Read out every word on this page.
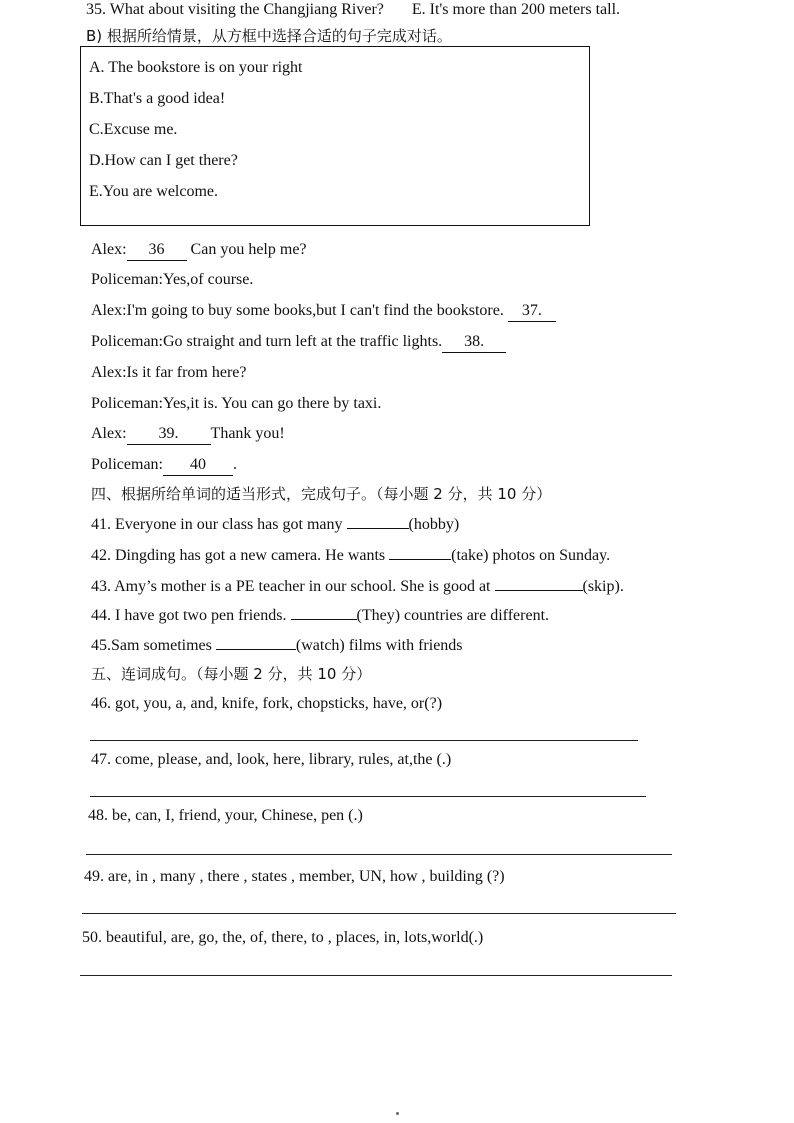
35. What about visiting the Changjiang River? E. It's more than 200 meters tall.
B) 根据所给情景，从方框中选择合适的句子完成对话。
A. The bookstore is on your right
B.That's a good idea!
C.Excuse me.
D.How can I get there?
E.You are welcome.
Alex: 36 Can you help me?
Policeman:Yes,of course.
Alex:I'm going to buy some books,but I can't find the bookstore. 37.
Policeman:Go straight and turn left at the traffic lights. 38.
Alex:Is it far from here?
Policeman:Yes,it is. You can go there by taxi.
Alex: 39. Thank you!
Policeman: 40 .
四、根据所给单词的适当形式，完成句子。（每小题 2 分，共 10 分）
41. Everyone in our class has got many	(hobby)
42. Dingding has got a new camera. He wants	(take) photos on Sunday.
43. Amy’s mother is a PE teacher in our school. She is good at	(skip).
44. I have got two pen friends.	(They) countries are different.
45.Sam sometimes	(watch) films with friends
五、连词成句。（每小题 2 分，共 10 分）
46. got, you, a, and, knife, fork, chopsticks, have, or(?)
47. come, please, and, look, here, library, rules, at,the (.)
48. be, can, I, friend, your, Chinese, pen (.)
49. are, in , many , there , states , member, UN, how , building (?)
50. beautiful, are, go, the, of, there, to , places, in, lots,world(.)
